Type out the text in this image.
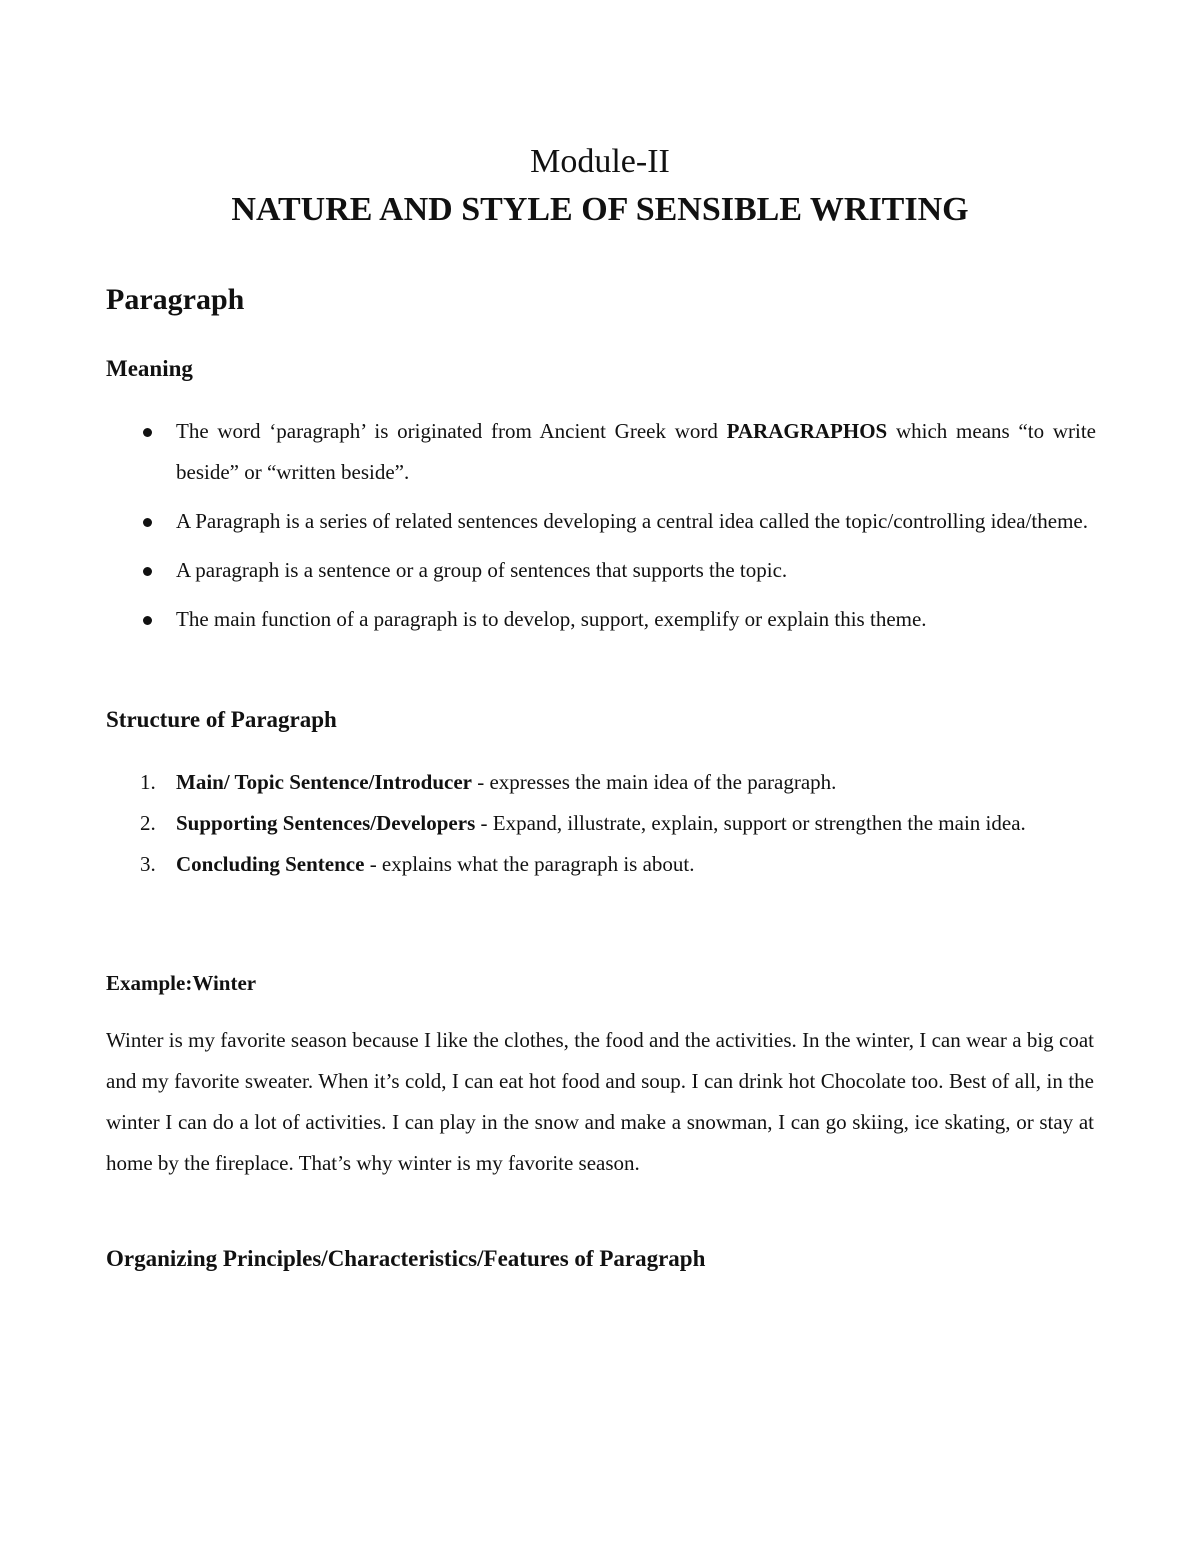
Module-II
NATURE AND STYLE OF SENSIBLE WRITING
Paragraph
Meaning
The word ‘paragraph’ is originated from Ancient Greek word PARAGRAPHOS which means “to write beside” or “written beside”.
A Paragraph is a series of related sentences developing a central idea called the topic/controlling idea/theme.
A paragraph is a sentence or a group of sentences that supports the topic.
The main function of a paragraph is to develop, support, exemplify or explain this theme.
Structure of Paragraph
1. Main/ Topic Sentence/Introducer - expresses the main idea of the paragraph.
2. Supporting Sentences/Developers - Expand, illustrate, explain, support or strengthen the main idea.
3. Concluding Sentence - explains what the paragraph is about.

Example:Winter

Winter is my favorite season because I like the clothes, the food and the activities. In the winter, I can wear a big coat and my favorite sweater. When it’s cold, I can eat hot food and soup. I can drink hot Chocolate too. Best of all, in the winter I can do a lot of activities. I can play in the snow and make a snowman, I can go skiing, ice skating, or stay at home by the fireplace. That’s why winter is my favorite season.

Organizing Principles/Characteristics/Features of Paragraph
